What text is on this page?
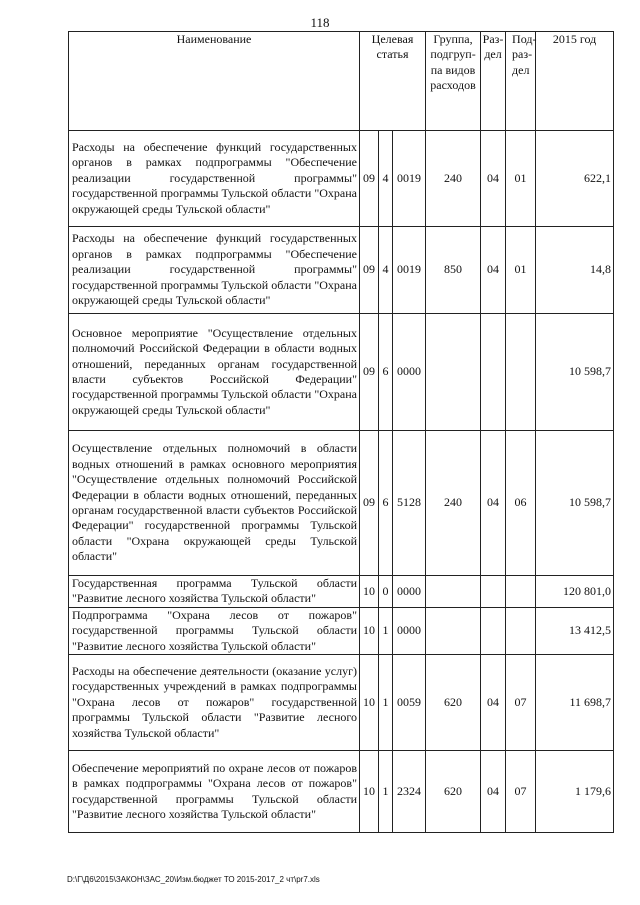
118
Наименование	Целевая статья			Группа, подгруп-па видов расходов	Раз-дел	Под-раз-дел	2015 год
Расходы на обеспечение функций государственных органов в рамках подпрограммы "Обеспечение реализации государственной программы" государственной программы Тульской области "Охрана окружающей среды Тульской области"	09	4	0019	240	04	01	622,1
Расходы на обеспечение функций государственных органов в рамках подпрограммы "Обеспечение реализации государственной программы" государственной программы Тульской области "Охрана окружающей среды Тульской области"	09	4	0019	850	04	01	14,8
Основное мероприятие "Осуществление отдельных полномочий Российской Федерации в области водных отношений, переданных органам государственной власти субъектов Российской Федерации" государственной программы Тульской области "Охрана окружающей среды Тульской области"	09	6	0000				10 598,7
Осуществление отдельных полномочий в области водных отношений в рамках основного мероприятия "Осуществление отдельных полномочий Российской Федерации в области водных отношений, переданных органам государственной власти субъектов Российской Федерации" государственной программы Тульской области "Охрана окружающей среды Тульской области"	09	6	5128	240	04	06	10 598,7
Государственная программа Тульской области "Развитие лесного хозяйства Тульской области"	10	0	0000				120 801,0
Подпрограмма "Охрана лесов от пожаров" государственной программы Тульской области "Развитие лесного хозяйства Тульской области"	10	1	0000				13 412,5
Расходы на обеспечение деятельности (оказание услуг) государственных учреждений в рамках подпрограммы "Охрана лесов от пожаров" государственной программы Тульской области "Развитие лесного хозяйства Тульской области"	10	1	0059	620	04	07	11 698,7
Обеспечение мероприятий по охране лесов от пожаров в рамках подпрограммы "Охрана лесов от пожаров" государственной программы Тульской области "Развитие лесного хозяйства Тульской области"	10	1	2324	620	04	07	1 179,6
D:\Г\Д6\2015\ЗАКОН\ЗАС_20\Изм.бюджет ТО 2015-2017_2 чт\pr7.xls
